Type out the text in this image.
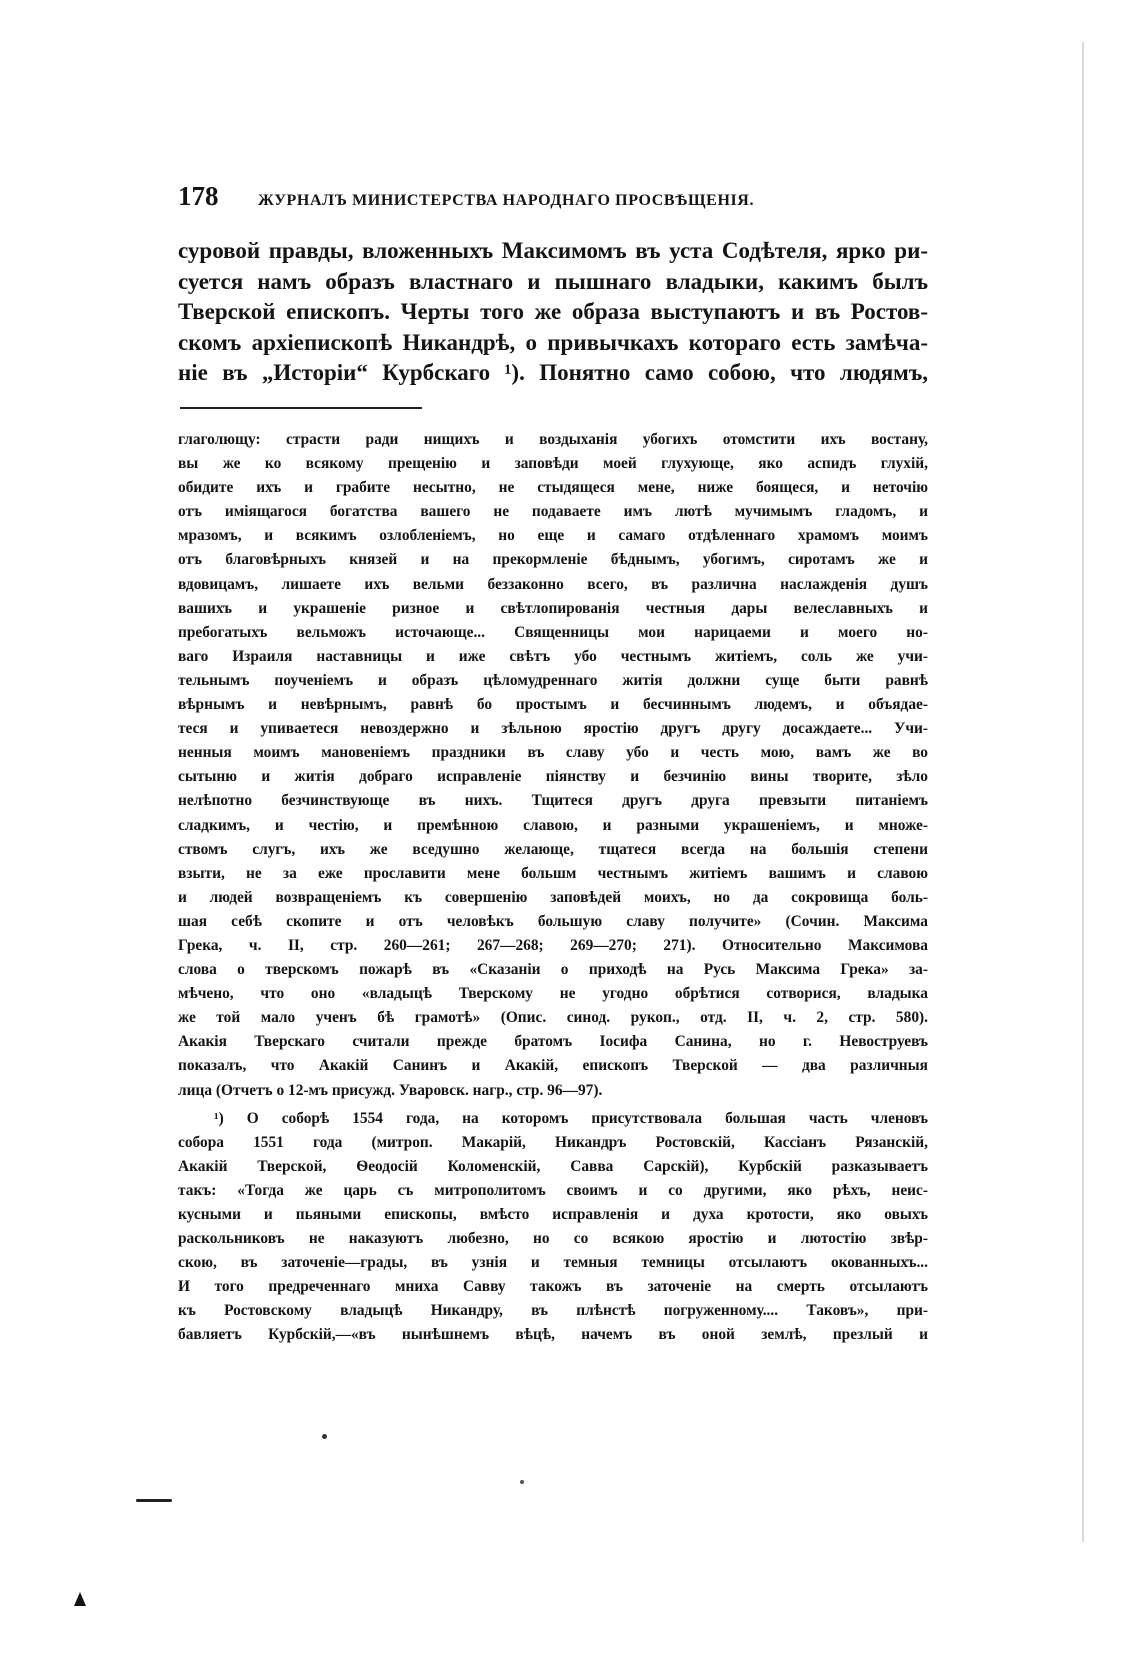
178	ЖУРНАЛЪ МИНИСТЕРСТВА НАРОДНАГО ПРОСВѢЩЕНІЯ.
суровой правды, вложенныхъ Максимомъ въ уста Содѣтеля, ярко ри-
суется намъ образъ властнаго и пышнаго владыки, какимъ былъ
Тверской епископъ. Черты того же образа выступаютъ и въ Ростов-
скомъ архіепископѣ Никандрѣ, о привычкахъ котораго есть замѣча-
ніе въ „Исторіи“ Курбскаго ¹). Понятно само собою, что людямъ,
глаголющу: страсти ради нищихъ и воздыханія убогихъ отомстити ихъ востану,
вы же ко всякому прещенію и заповѣди моей глухующе, яко аспидъ глухій,
обидите ихъ и грабите несытно, не стыдящеся мене, ниже боящеся, и неточію
отъ иміящагося богатства вашего не подаваете имъ лютѣ мучимымъ гладомъ, и
мразомъ, и всякимъ озлобленіемъ, но еще и самаго отдѣленнаго храмомъ моимъ
отъ благовѣрныхъ князей и на прекормленіе бѣднымъ, убогимъ, сиротамъ же и
вдовицамъ, лишаете ихъ вельми беззаконно всего, въ различна наслажденія душъ
вашихъ и украшеніе ризное и свѣтлопированія честныя дары велеславныхъ и
пребогатыхъ вельможъ источающе... Священницы мои нарицаеми и моего но-
ваго Израиля наставницы и иже свѣтъ убо честнымъ житіемъ, соль же учи-
тельнымъ поученіемъ и образъ цѣломудреннаго житія должни суще быти равнѣ
вѣрнымъ и невѣрнымъ, равнѣ бо простымъ и бесчиннымъ людемъ, и объядае-
теся и упиваетеся невоздержно и зѣльною яростію другъ другу досаждаете... Учи-
ненныя моимъ мановеніемъ праздники въ славу убо и честь мою, вамъ же во
сытыню и житія добраго исправленіе піянству и безчинію вины творите, зѣло
нелѣпотно безчинствующе въ нихъ. Тщитеся другъ друга превзыти питаніемъ
сладкимъ, и честію, и премѣнною славою, и разными украшеніемъ, и множе-
ствомъ слугъ, ихъ же вседушно желающе, тщатеся всегда на большія степени
взыти, не за еже прославити мене большм честнымъ житіемъ вашимъ и славою
и людей возвращеніемъ къ совершенію заповѣдей моихъ, но да сокровища боль-
шая себѣ скопите и отъ человѣкъ большую славу получите» (Сочин. Максима
Грека, ч. II, стр. 260—261; 267—268; 269—270; 271). Относительно Максимова
слова о тверскомъ пожарѣ въ «Сказаніи о приходѣ на Русь Максима Грека» за-
мѣчено, что оно «владыцѣ Тверскому не угодно обрѣтися сотворися, владыка
же той мало ученъ бѣ грамотѣ» (Опис. синод. рукоп., отд. II, ч. 2, стр. 580).
Акакія Тверскаго считали прежде братомъ Іосифа Санина, но г. Невоструевъ
показалъ, что Акакій Санинъ и Акакій, епископъ Тверской — два различныя
лица (Отчетъ о 12-мъ присужд. Уваровск. нагр., стр. 96—97).
¹) О соборѣ 1554 года, на которомъ присутствовала большая часть членовъ
собора 1551 года (митроп. Макарій, Никандръ Ростовскій, Кассіанъ Рязанскій,
Акакій Тверской, Ѳеодосій Коломенскій, Савва Сарскій), Курбскій разказываетъ
такъ: «Тогда же царь съ митрополитомъ своимъ и со другими, яко рѣхъ, неис-
кусными и пьяными епископы, вмѣсто исправленія и духа кротости, яко овыхъ
раскольниковъ не наказуютъ любезно, но со всякою яростію и лютостію звѣр-
скою, въ заточеніе—грады, въ узнія и темныя темницы отсылаютъ окованныхъ...
И того предреченнаго мниха Савву такожъ въ заточеніе на смерть отсылаютъ
къ Ростовскому владыцѣ Никандру, въ плѣнстѣ погруженному.... Таковъ», при-
бавляетъ Курбскій,—«въ нынѣшнемъ вѣцѣ, начемъ въ оной землѣ, презлый и
